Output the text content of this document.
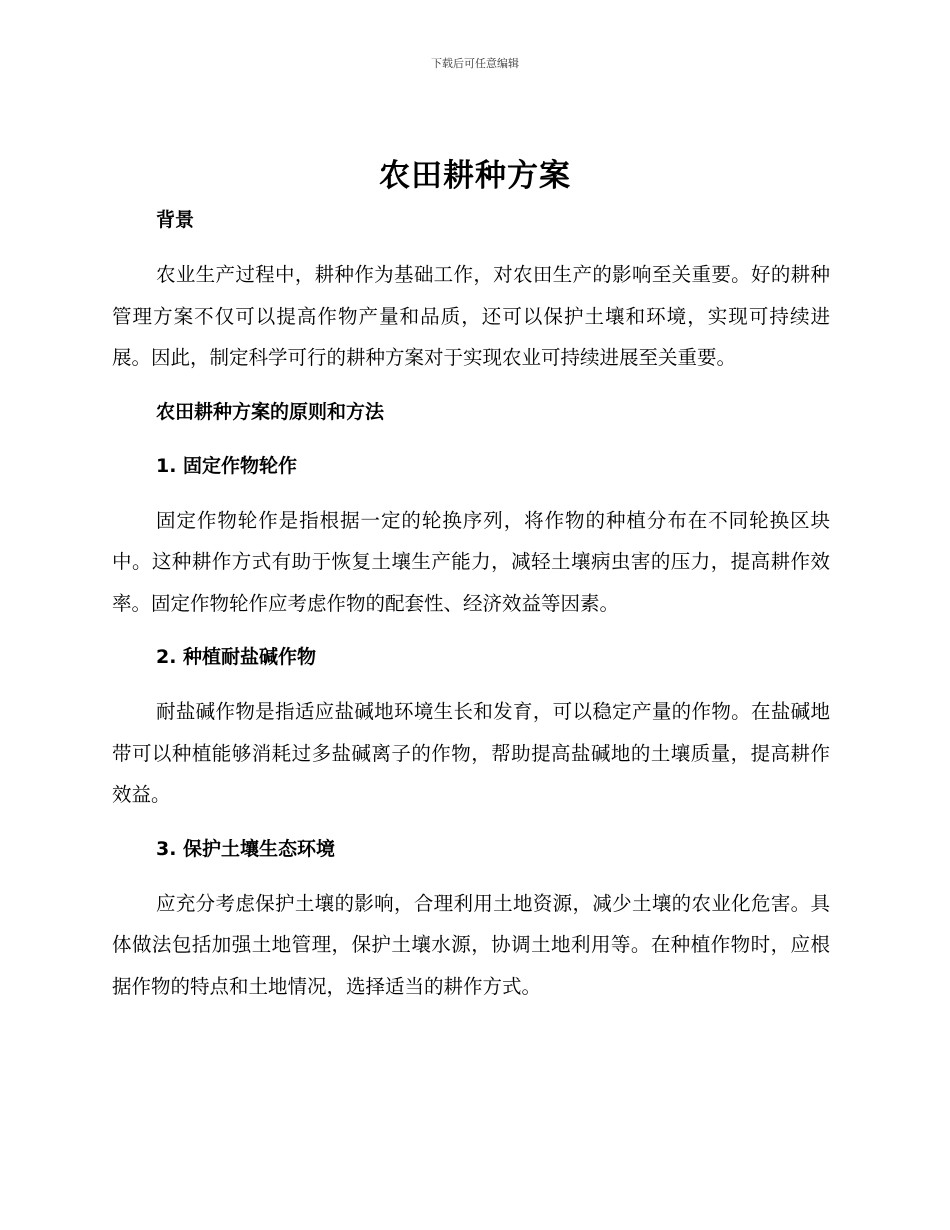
下载后可任意编辑
农田耕种方案

背景

农业生产过程中，耕种作为基础工作，对农田生产的影响至关重要。好的耕种管理方案不仅可以提高作物产量和品质，还可以保护土壤和环境，实现可持续进展。因此，制定科学可行的耕种方案对于实现农业可持续进展至关重要。

农田耕种方案的原则和方法

1. 固定作物轮作

固定作物轮作是指根据一定的轮换序列，将作物的种植分布在不同轮换区块中。这种耕作方式有助于恢复土壤生产能力，减轻土壤病虫害的压力，提高耕作效率。固定作物轮作应考虑作物的配套性、经济效益等因素。

2. 种植耐盐碱作物

耐盐碱作物是指适应盐碱地环境生长和发育，可以稳定产量的作物。在盐碱地带可以种植能够消耗过多盐碱离子的作物，帮助提高盐碱地的土壤质量，提高耕作效益。

3. 保护土壤生态环境

应充分考虑保护土壤的影响，合理利用土地资源，减少土壤的农业化危害。具体做法包括加强土地管理，保护土壤水源，协调土地利用等。在种植作物时，应根据作物的特点和土地情况，选择适当的耕作方式。
